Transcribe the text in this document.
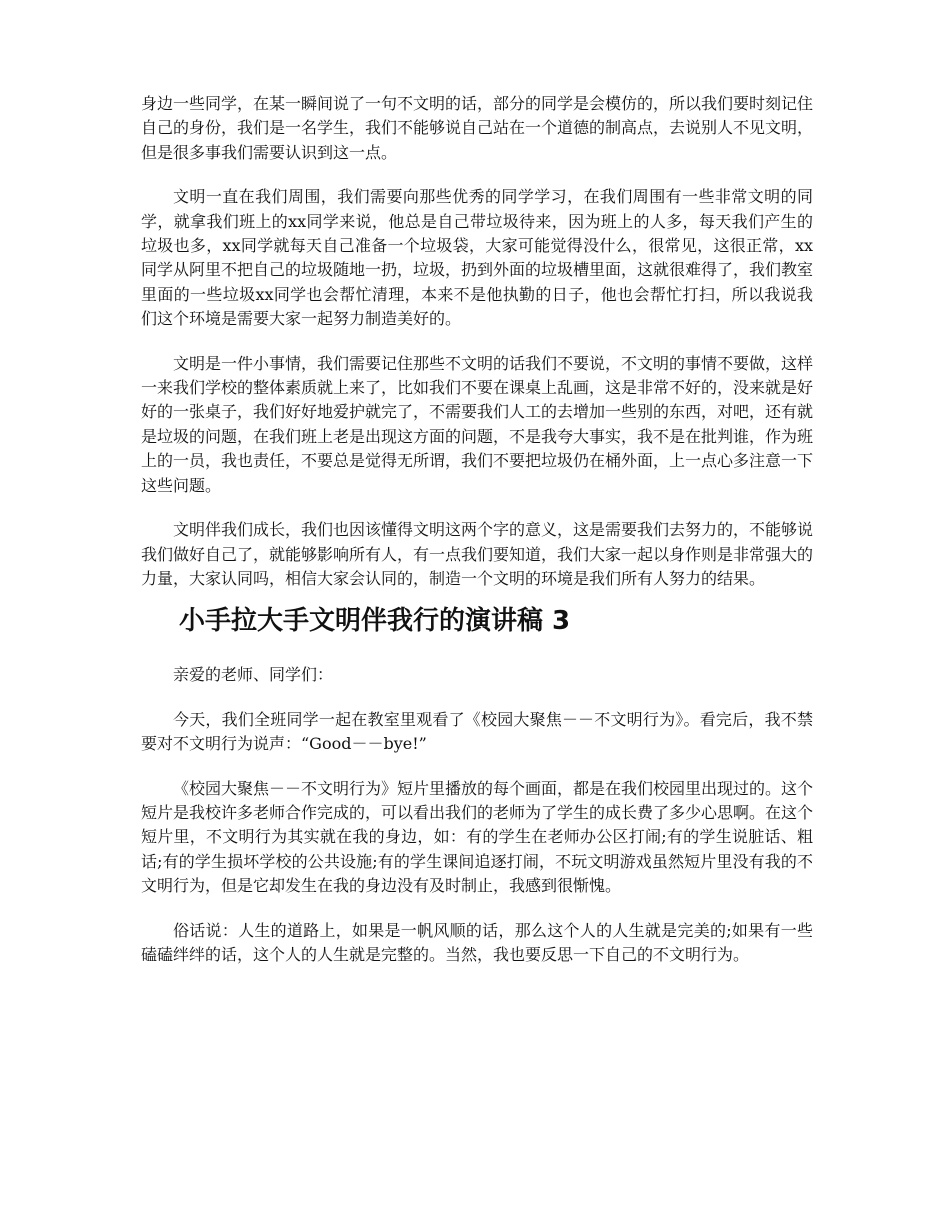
身边一些同学，在某一瞬间说了一句不文明的话，部分的同学是会模仿的，所以我们要时刻记住自己的身份，我们是一名学生，我们不能够说自己站在一个道德的制高点，去说别人不见文明，但是很多事我们需要认识到这一点。

文明一直在我们周围，我们需要向那些优秀的同学学习，在我们周围有一些非常文明的同学，就拿我们班上的xx同学来说，他总是自己带垃圾待来，因为班上的人多，每天我们产生的垃圾也多，xx同学就每天自己准备一个垃圾袋，大家可能觉得没什么，很常见，这很正常，xx同学从阿里不把自己的垃圾随地一扔，垃圾，扔到外面的垃圾槽里面，这就很难得了，我们教室里面的一些垃圾xx同学也会帮忙清理，本来不是他执勤的日子，他也会帮忙打扫，所以我说我们这个环境是需要大家一起努力制造美好的。

文明是一件小事情，我们需要记住那些不文明的话我们不要说，不文明的事情不要做，这样一来我们学校的整体素质就上来了，比如我们不要在课桌上乱画，这是非常不好的，没来就是好好的一张桌子，我们好好地爱护就完了，不需要我们人工的去增加一些别的东西，对吧，还有就是垃圾的问题，在我们班上老是出现这方面的问题，不是我夸大事实，我不是在批判谁，作为班上的一员，我也责任，不要总是觉得无所谓，我们不要把垃圾仍在桶外面，上一点心多注意一下这些问题。

文明伴我们成长，我们也因该懂得文明这两个字的意义，这是需要我们去努力的，不能够说我们做好自己了，就能够影响所有人，有一点我们要知道，我们大家一起以身作则是非常强大的力量，大家认同吗，相信大家会认同的，制造一个文明的环境是我们所有人努力的结果。

小手拉大手文明伴我行的演讲稿 3

亲爱的老师、同学们：

今天，我们全班同学一起在教室里观看了《校园大聚焦－－不文明行为》。看完后，我不禁要对不文明行为说声：“Good－－bye!”

《校园大聚焦－－不文明行为》短片里播放的每个画面，都是在我们校园里出现过的。这个短片是我校许多老师合作完成的，可以看出我们的老师为了学生的成长费了多少心思啊。在这个短片里，不文明行为其实就在我的身边，如：有的学生在老师办公区打闹;有的学生说脏话、粗话;有的学生损坏学校的公共设施;有的学生课间追逐打闹，不玩文明游戏虽然短片里没有我的不文明行为，但是它却发生在我的身边没有及时制止，我感到很惭愧。

俗话说：人生的道路上，如果是一帆风顺的话，那么这个人的人生就是完美的;如果有一些磕磕绊绊的话，这个人的人生就是完整的。当然，我也要反思一下自己的不文明行为。
